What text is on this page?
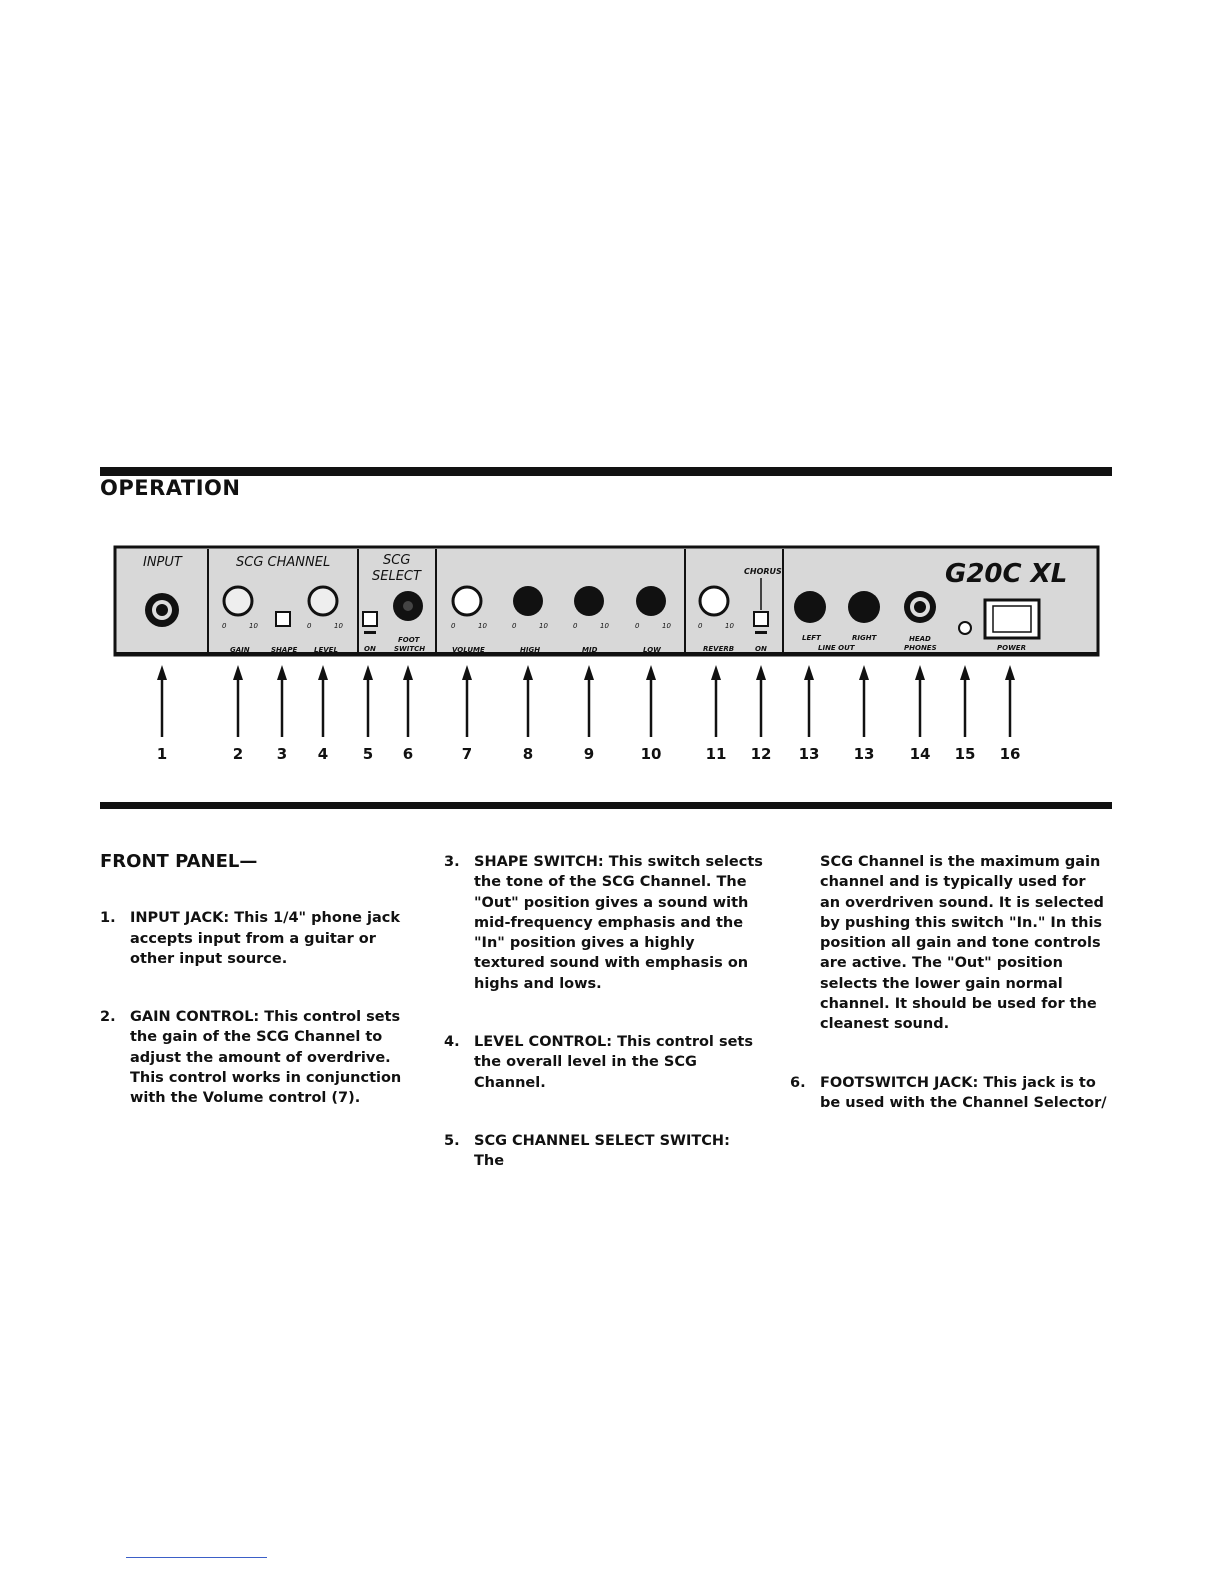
OPERATION
INPUT	SCG CHANNEL	SCG
SELECT	CHORUS	G20C XL
0	10	0	10	0	10	0	10	0	10	0	10	0	10
GAIN	SHAPE LEVEL	ON
FOOT
SWITCH	VOLUME	HIGH	MID	LOW	REVERB	ON
LEFT	RIGHT
LINE OUT
HEAD
PHONES	POWER
1	2 3 4 5 6	7	8	9	10	11 12 13 13 14 15 16
FRONT PANEL—
1. INPUT JACK: This 1/4" phone jack accepts input from a guitar or other input source.

2. GAIN CONTROL: This control sets the gain of the SCG Channel to adjust the amount of overdrive. This control works in conjunction with the Volume control (7).

3. SHAPE SWITCH: This switch selects the tone of the SCG Channel. The "Out" position gives a sound with mid-frequency emphasis and the "In" position gives a highly textured sound with emphasis on highs and lows.

4. LEVEL CONTROL: This control sets the overall level in the SCG Channel.

5. SCG CHANNEL SELECT SWITCH: The

SCG Channel is the maximum gain channel and is typically used for an overdriven sound. It is selected by pushing this switch "In." In this position all gain and tone controls are active. The "Out" position selects the lower gain normal channel. It should be used for the cleanest sound.

6. FOOTSWITCH JACK: This jack is to be used with the Channel Selector/
